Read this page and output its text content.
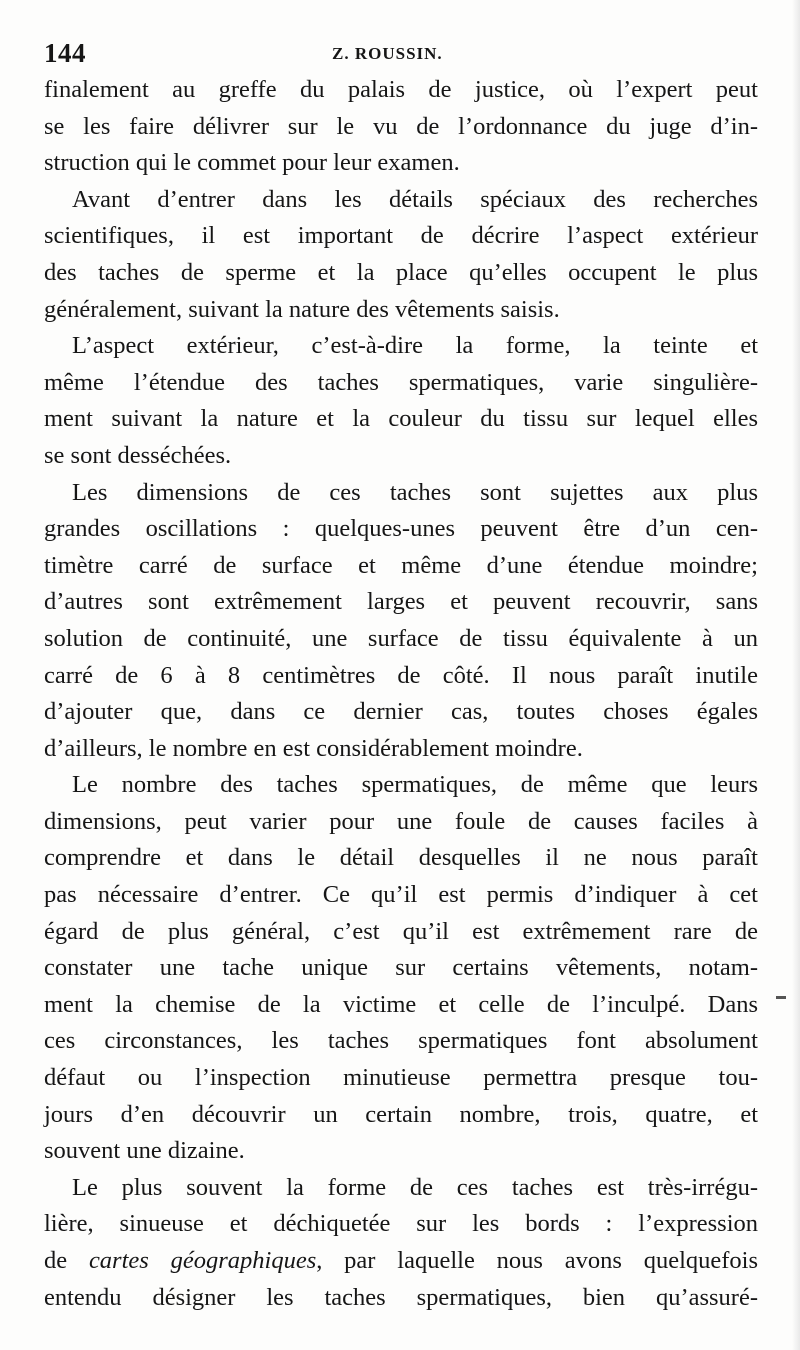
144	Z. ROUSSIN.
finalement au greffe du palais de justice, où l’expert peut
se les faire délivrer sur le vu de l’ordonnance du juge d’in-
struction qui le commet pour leur examen.
Avant d’entrer dans les détails spéciaux des recherches
scientifiques, il est important de décrire l’aspect extérieur
des taches de sperme et la place qu’elles occupent le plus
généralement, suivant la nature des vêtements saisis.
L’aspect extérieur, c’est-à-dire la forme, la teinte et
même l’étendue des taches spermatiques, varie singulière-
ment suivant la nature et la couleur du tissu sur lequel elles
se sont desséchées.
Les dimensions de ces taches sont sujettes aux plus
grandes oscillations : quelques-unes peuvent être d’un cen-
timètre carré de surface et même d’une étendue moindre;
d’autres sont extrêmement larges et peuvent recouvrir, sans
solution de continuité, une surface de tissu équivalente à un
carré de 6 à 8 centimètres de côté. Il nous paraît inutile
d’ajouter que, dans ce dernier cas, toutes choses égales
d’ailleurs, le nombre en est considérablement moindre.
Le nombre des taches spermatiques, de même que leurs
dimensions, peut varier pour une foule de causes faciles à
comprendre et dans le détail desquelles il ne nous paraît
pas nécessaire d’entrer. Ce qu’il est permis d’indiquer à cet
égard de plus général, c’est qu’il est extrêmement rare de
constater une tache unique sur certains vêtements, notam-
ment la chemise de la victime et celle de l’inculpé. Dans
ces circonstances, les taches spermatiques font absolument
défaut ou l’inspection minutieuse permettra presque tou-
jours d’en découvrir un certain nombre, trois, quatre, et
souvent une dizaine.
Le plus souvent la forme de ces taches est très-irrégu-
lière, sinueuse et déchiquetée sur les bords : l’expression
de cartes géographiques, par laquelle nous avons quelquefois
entendu désigner les taches spermatiques, bien qu’assuré-
